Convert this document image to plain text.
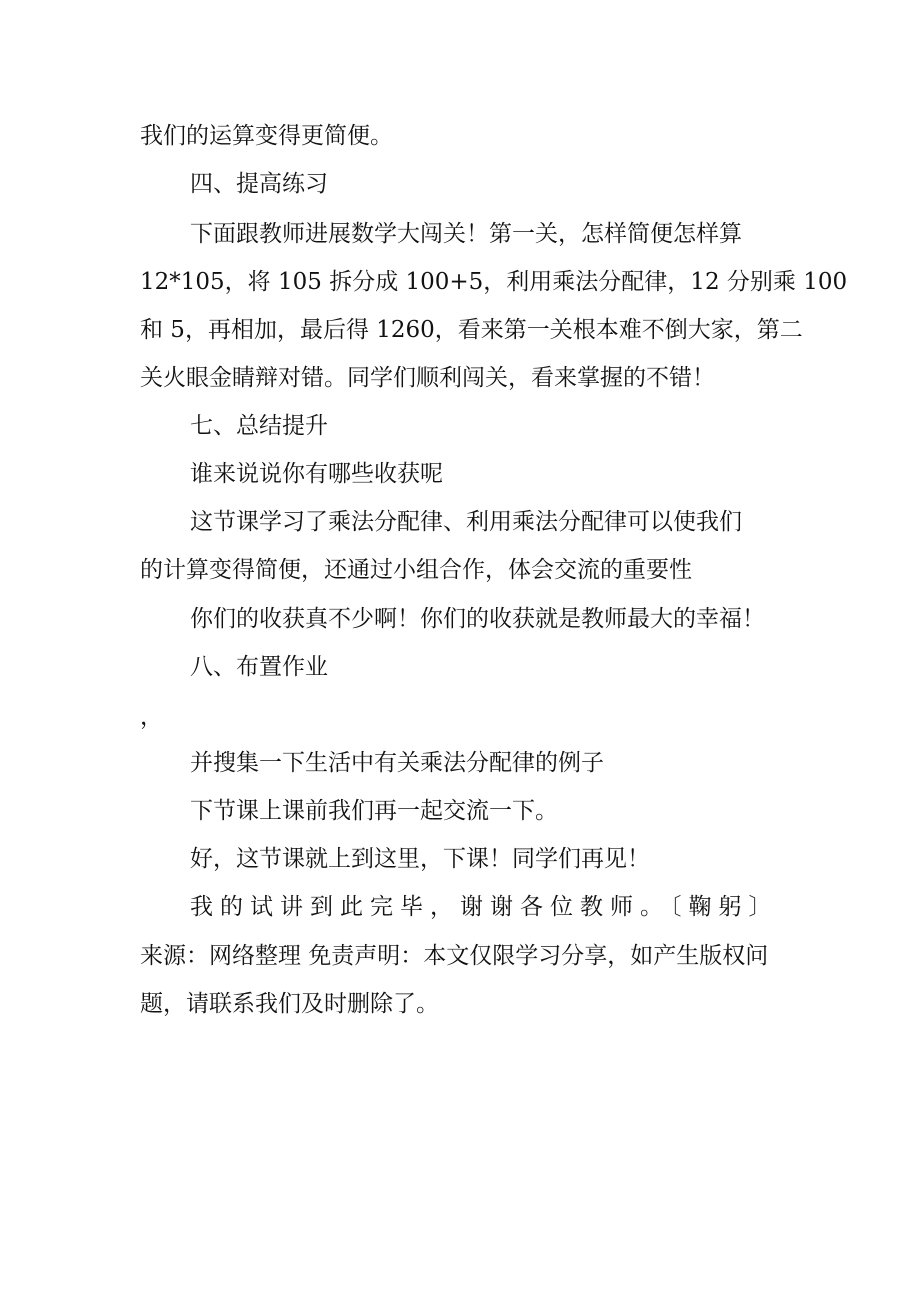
我们的运算变得更简便。
四、提高练习
下面跟教师进展数学大闯关！第一关，怎样简便怎样算
12*105，将 105 拆分成 100+5，利用乘法分配律，12 分别乘 100
和 5，再相加，最后得 1260，看来第一关根本难不倒大家，第二
关火眼金睛辩对错。同学们顺利闯关，看来掌握的不错！
七、总结提升
谁来说说你有哪些收获呢
这节课学习了乘法分配律、利用乘法分配律可以使我们
的计算变得简便，还通过小组合作，体会交流的重要性
你们的收获真不少啊！你们的收获就是教师最大的幸福！
八、布置作业
，
并搜集一下生活中有关乘法分配律的例子
下节课上课前我们再一起交流一下。
好，这节课就上到这里，下课！同学们再见！
我的试讲到此完毕，谢谢各位教师。〔鞠躬〕
来源：网络整理 免责声明：本文仅限学习分享，如产生版权问
题，请联系我们及时删除了。
